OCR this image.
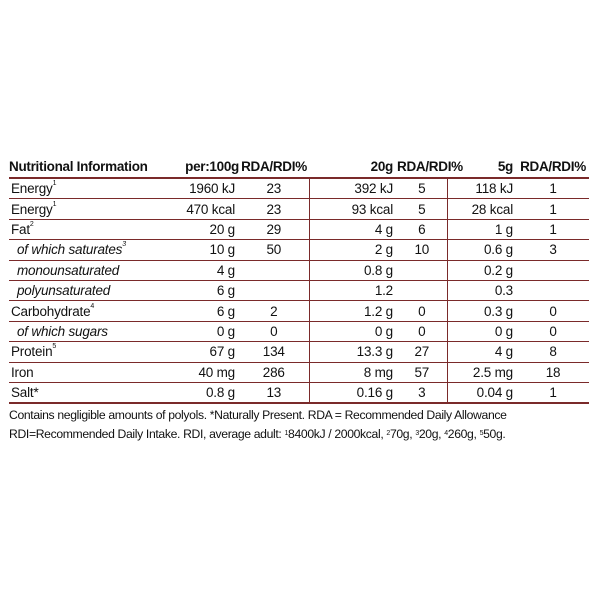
Nutritional Information	per:100g	RDA/RDI%	20g	RDA/RDI%	5g	RDA/RDI%
Energy$^1$	1960 kJ	23	392 kJ	5	118 kJ	1
Energy$^1$	470 kcal	23	93 kcal	5	28 kcal	1
Fat$^2$	20 g	29	4 g	6	1 g	1
of which saturates$^3$	10 g	50	2 g	10	0.6 g	3
monounsaturated	4 g		0.8 g		0.2 g	
polyunsaturated	6 g		1.2		0.3	
Carbohydrate$^4$	6 g	2	1.2 g	0	0.3 g	0
of which sugars	0 g	0	0 g	0	0 g	0
Protein$^5$	67 g	134	13.3 g	27	4 g	8
Iron	40 mg	286	8 mg	57	2.5 mg	18
Salt*	0.8 g	13	0.16 g	3	0.04 g	1
Contains negligible amounts of polyols. *Naturally Present. RDA = Recommended Daily Allowance
RDI=Recommended Daily Intake. RDI, average adult: $^1$8400kJ / 2000kcal, $^2$70g, $^3$20g, $^4$260g, $^5$50g.
